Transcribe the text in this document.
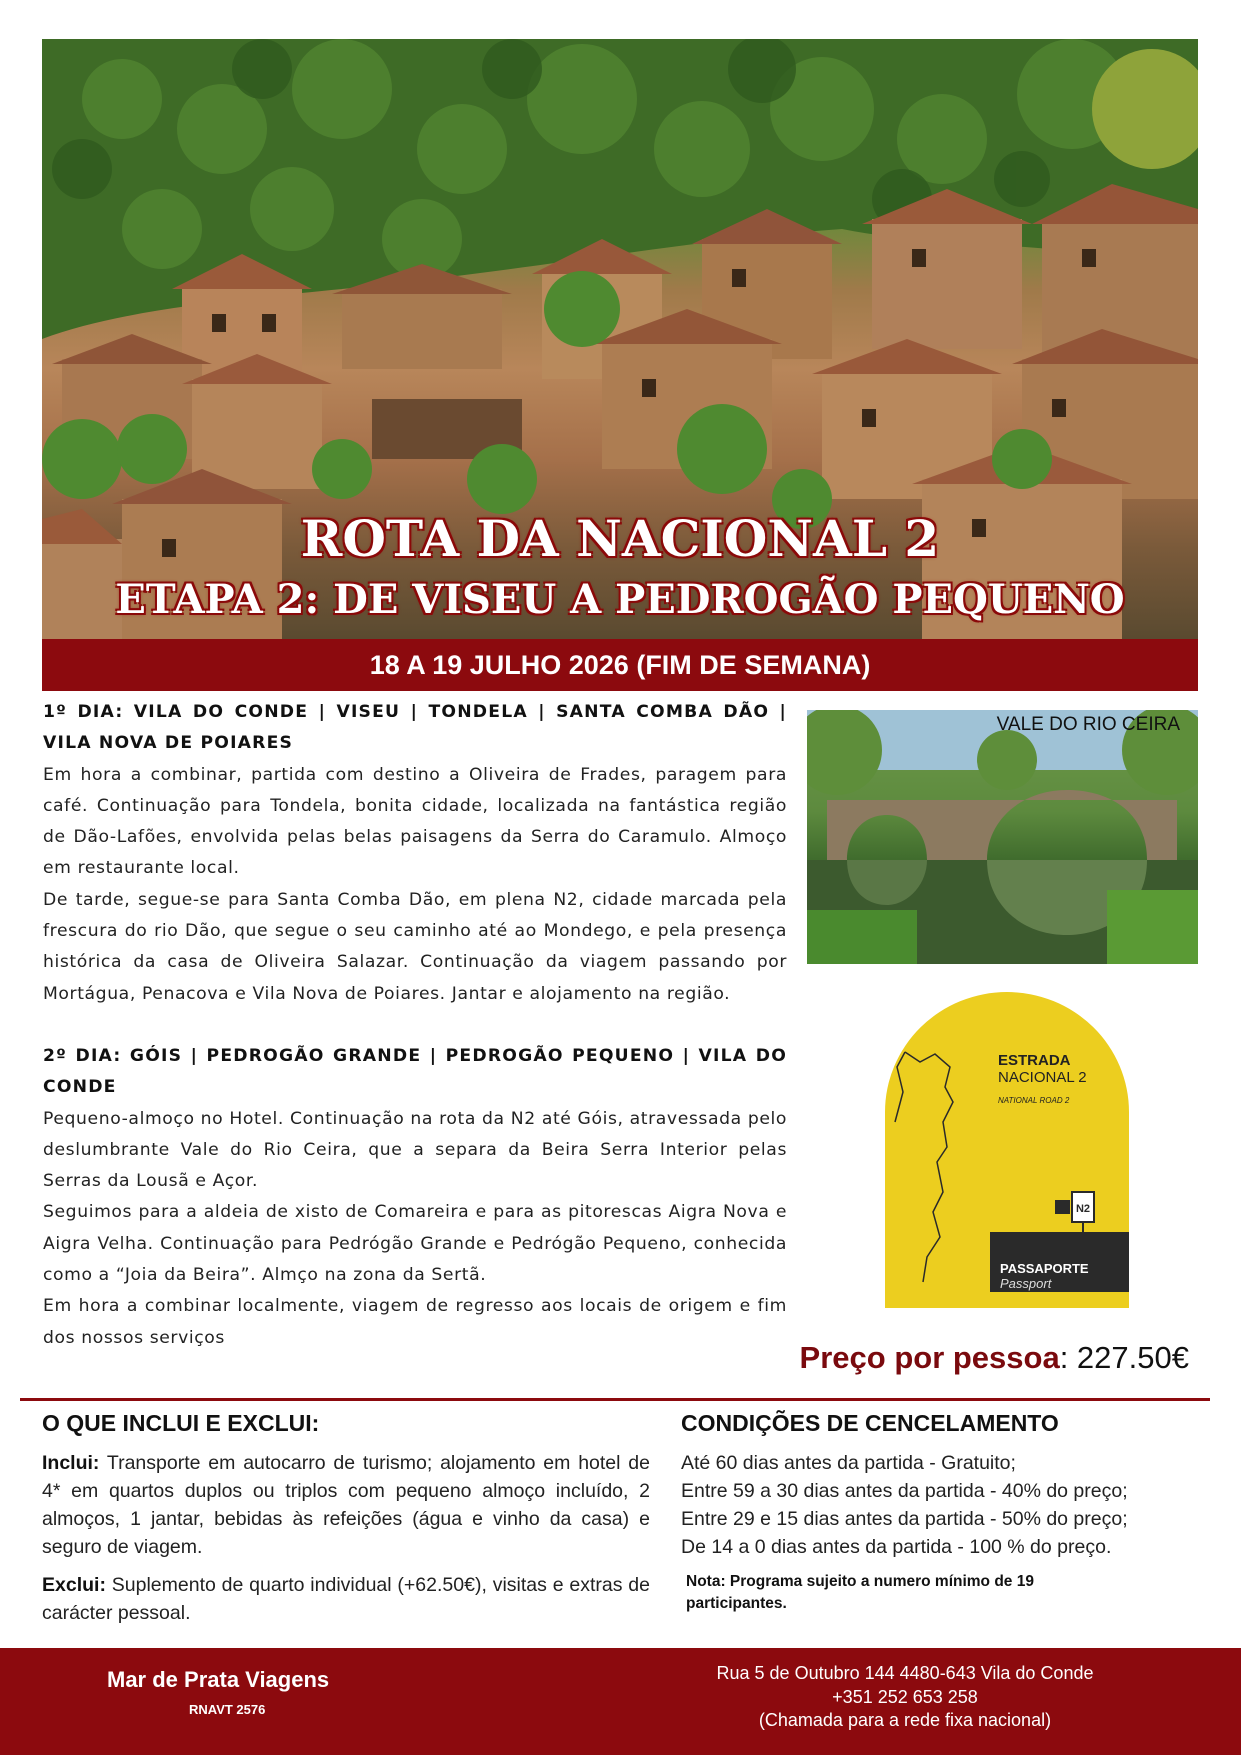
ROTA DA NACIONAL 2
ETAPA 2: DE VISEU A PEDROGÃO PEQUENO
18 A 19 JULHO 2026 (FIM DE SEMANA)

1º DIA: VILA DO CONDE | VISEU | TONDELA | SANTA COMBA DÃO | VILA NOVA DE POIARES

Em hora a combinar, partida com destino a Oliveira de Frades, paragem para café. Continuação para Tondela, bonita cidade, localizada na fantástica região de Dão-Lafões, envolvida pelas belas paisagens da Serra do Caramulo. Almoço em restaurante local.

De tarde, segue-se para Santa Comba Dão, em plena N2, cidade marcada pela frescura do rio Dão, que segue o seu caminho até ao Mondego, e pela presença histórica da casa de Oliveira Salazar. Continuação da viagem passando por Mortágua, Penacova e Vila Nova de Poiares. Jantar e alojamento na região.

2º DIA: GÓIS | PEDROGÃO GRANDE | PEDROGÃO PEQUENO | VILA DO CONDE

Pequeno-almoço no Hotel. Continuação na rota da N2 até Góis, atravessada pelo deslumbrante Vale do Rio Ceira, que a separa da Beira Serra Interior pelas Serras da Lousã e Açor.

Seguimos para a aldeia de xisto de Comareira e para as pitorescas Aigra Nova e Aigra Velha. Continuação para Pedrógão Grande e Pedrógão Pequeno, conhecida como a “Joia da Beira”. Almço na zona da Sertã.

Em hora a combinar localmente, viagem de regresso aos locais de origem e fim dos nossos serviços

VALE DO RIO CEIRA
N2
ESTRADA
NACIONAL 2
NATIONAL ROAD 2
PASSAPORTE
Passport
Preço por pessoa: 227.50€
O QUE INCLUI E EXCLUI:

Inclui: Transporte em autocarro de turismo; alojamento em hotel de 4* em quartos duplos ou triplos com pequeno almoço incluído, 2 almoços, 1 jantar, bebidas às refeições (água e vinho da casa) e seguro de viagem.

Exclui: Suplemento de quarto individual (+62.50€), visitas e extras de carácter pessoal.

CONDIÇÕES DE CENCELAMENTO

Até 60 dias antes da partida - Gratuito;

Entre 59 a 30 dias antes da partida - 40% do preço;

Entre 29 e 15 dias antes da partida - 50% do preço;

De 14 a 0 dias antes da partida - 100 % do preço.

Nota: Programa sujeito a numero mínimo de 19 participantes.
Mar de Prata Viagens
RNAVT 2576
Rua 5 de Outubro 144 4480-643 Vila do Conde
+351 252 653 258
(Chamada para a rede fixa nacional)
